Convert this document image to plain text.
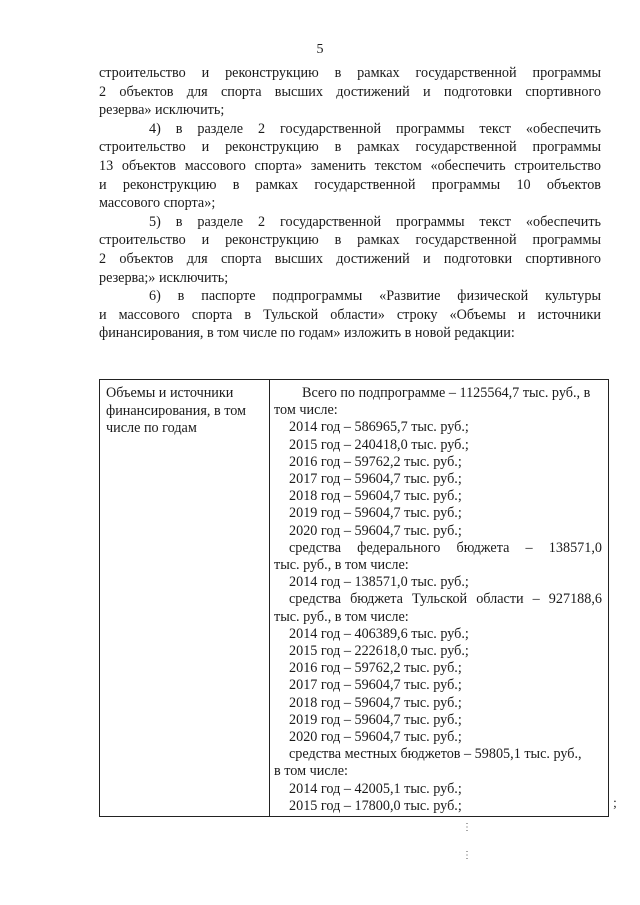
5

строительство и реконструкцию в рамках государственной программы
2 объектов для спорта высших достижений и подготовки спортивного
резерва» исключить;

4) в разделе 2 государственной программы текст «обеспечить
строительство и реконструкцию в рамках государственной программы
13 объектов массового спорта» заменить текстом «обеспечить строительство
и реконструкцию в рамках государственной программы 10 объектов
массового спорта»;

5) в разделе 2 государственной программы текст «обеспечить
строительство и реконструкцию в рамках государственной программы
2 объектов для спорта высших достижений и подготовки спортивного
резерва;» исключить;

6) в паспорте подпрограммы «Развитие физической культуры
и массового спорта в Тульской области» строку «Объемы и источники
финансирования, в том числе по годам» изложить в новой редакции:

Объемы и источники финансирования, в том числе по годам
Всего по подпрограмме – 1125564,7 тыс. руб., в
том числе:
2014 год – 586965,7 тыс. руб.;
2015 год – 240418,0 тыс. руб.;
2016 год – 59762,2 тыс. руб.;
2017 год – 59604,7 тыс. руб.;
2018 год – 59604,7 тыс. руб.;
2019 год – 59604,7 тыс. руб.;
2020 год – 59604,7 тыс. руб.;
средства федерального бюджета – 138571,0
тыс. руб., в том числе:
2014 год – 138571,0 тыс. руб.;
средства бюджета Тульской области – 927188,6
тыс. руб., в том числе:
2014 год – 406389,6 тыс. руб.;
2015 год – 222618,0 тыс. руб.;
2016 год – 59762,2 тыс. руб.;
2017 год – 59604,7 тыс. руб.;
2018 год – 59604,7 тыс. руб.;
2019 год – 59604,7 тыс. руб.;
2020 год – 59604,7 тыс. руб.;
средства местных бюджетов – 59805,1 тыс. руб.,
в том числе:
2014 год – 42005,1 тыс. руб.;
2015 год – 17800,0 тыс. руб.;	;
⋮
⋮
